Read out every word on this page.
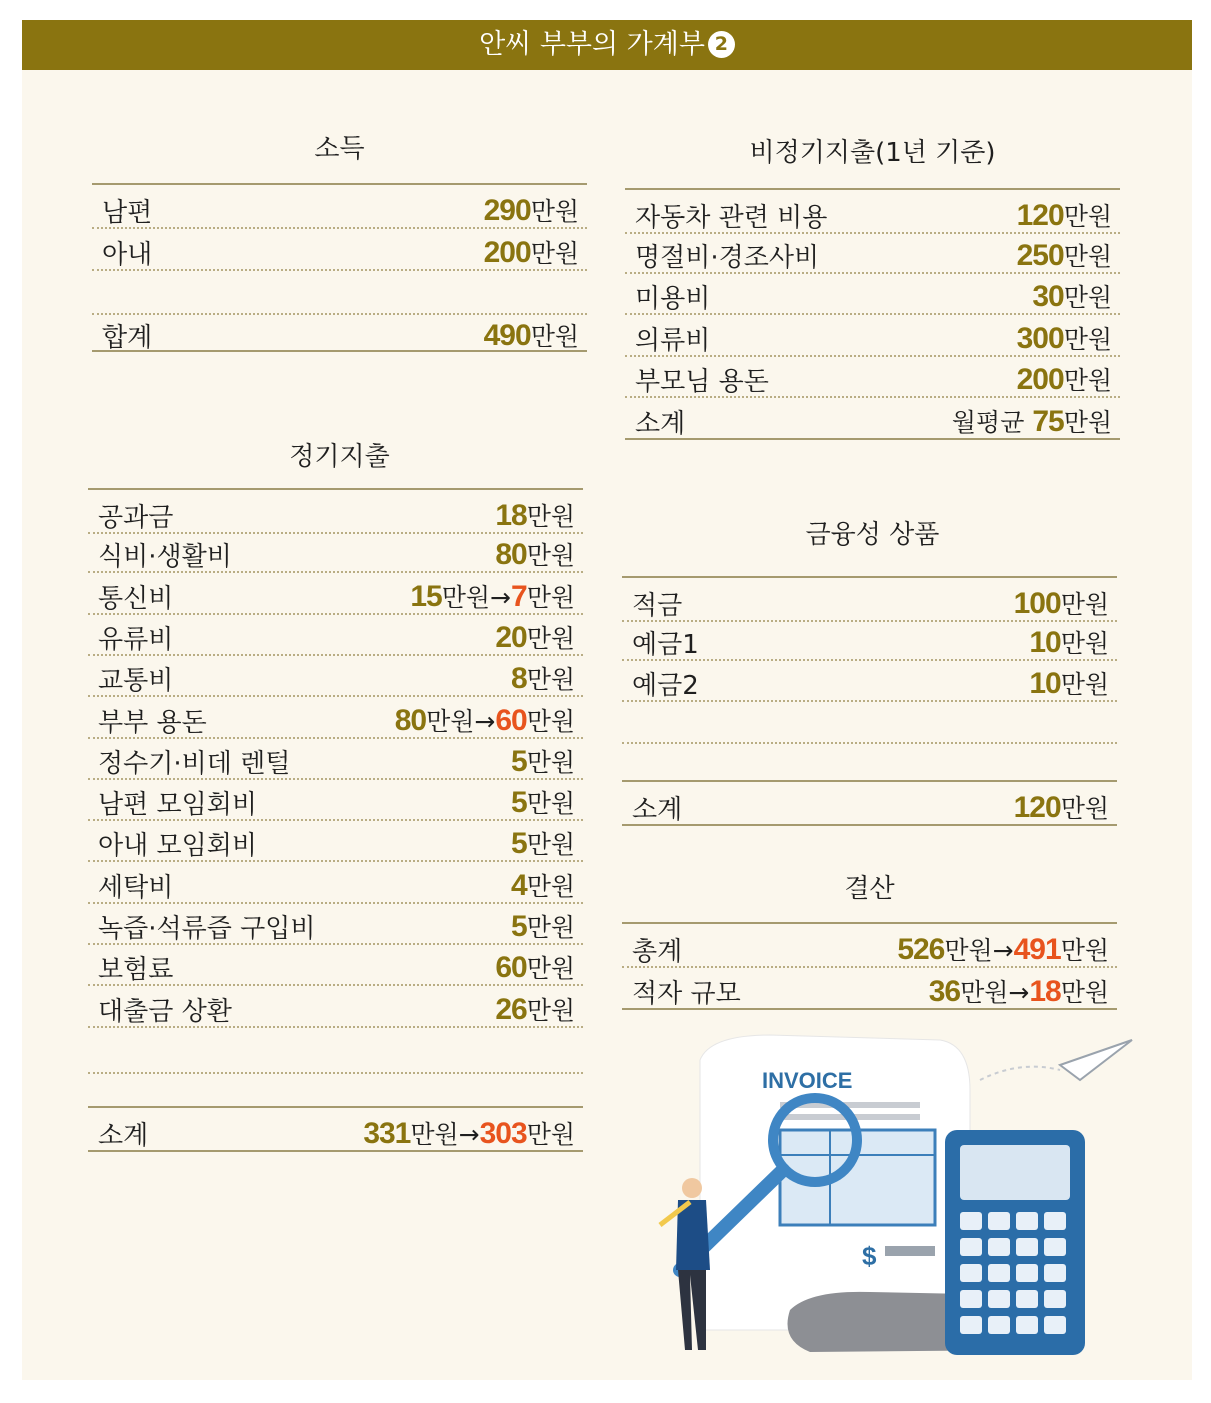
안씨 부부의 가계부 2
소득
남편	290만원
아내	200만원
합계	490만원
정기지출
공과금	18만원
식비·생활비	80만원
통신비	15만원→7만원
유류비	20만원
교통비	8만원
부부 용돈	80만원→60만원
정수기·비데 렌털	5만원
남편 모임회비	5만원
아내 모임회비	5만원
세탁비	4만원
녹즙·석류즙 구입비	5만원
보험료	60만원
대출금 상환	26만원
소계	331만원→303만원
비정기지출(1년 기준)
자동차 관련 비용	120만원
명절비·경조사비	250만원
미용비	30만원
의류비	300만원
부모님 용돈	200만원
소계	월평균 75만원
금융성 상품
적금	100만원
예금1	10만원
예금2	10만원
소계	120만원
결산
총계	526만원→491만원
적자 규모	36만원→18만원
INVOICE
$
